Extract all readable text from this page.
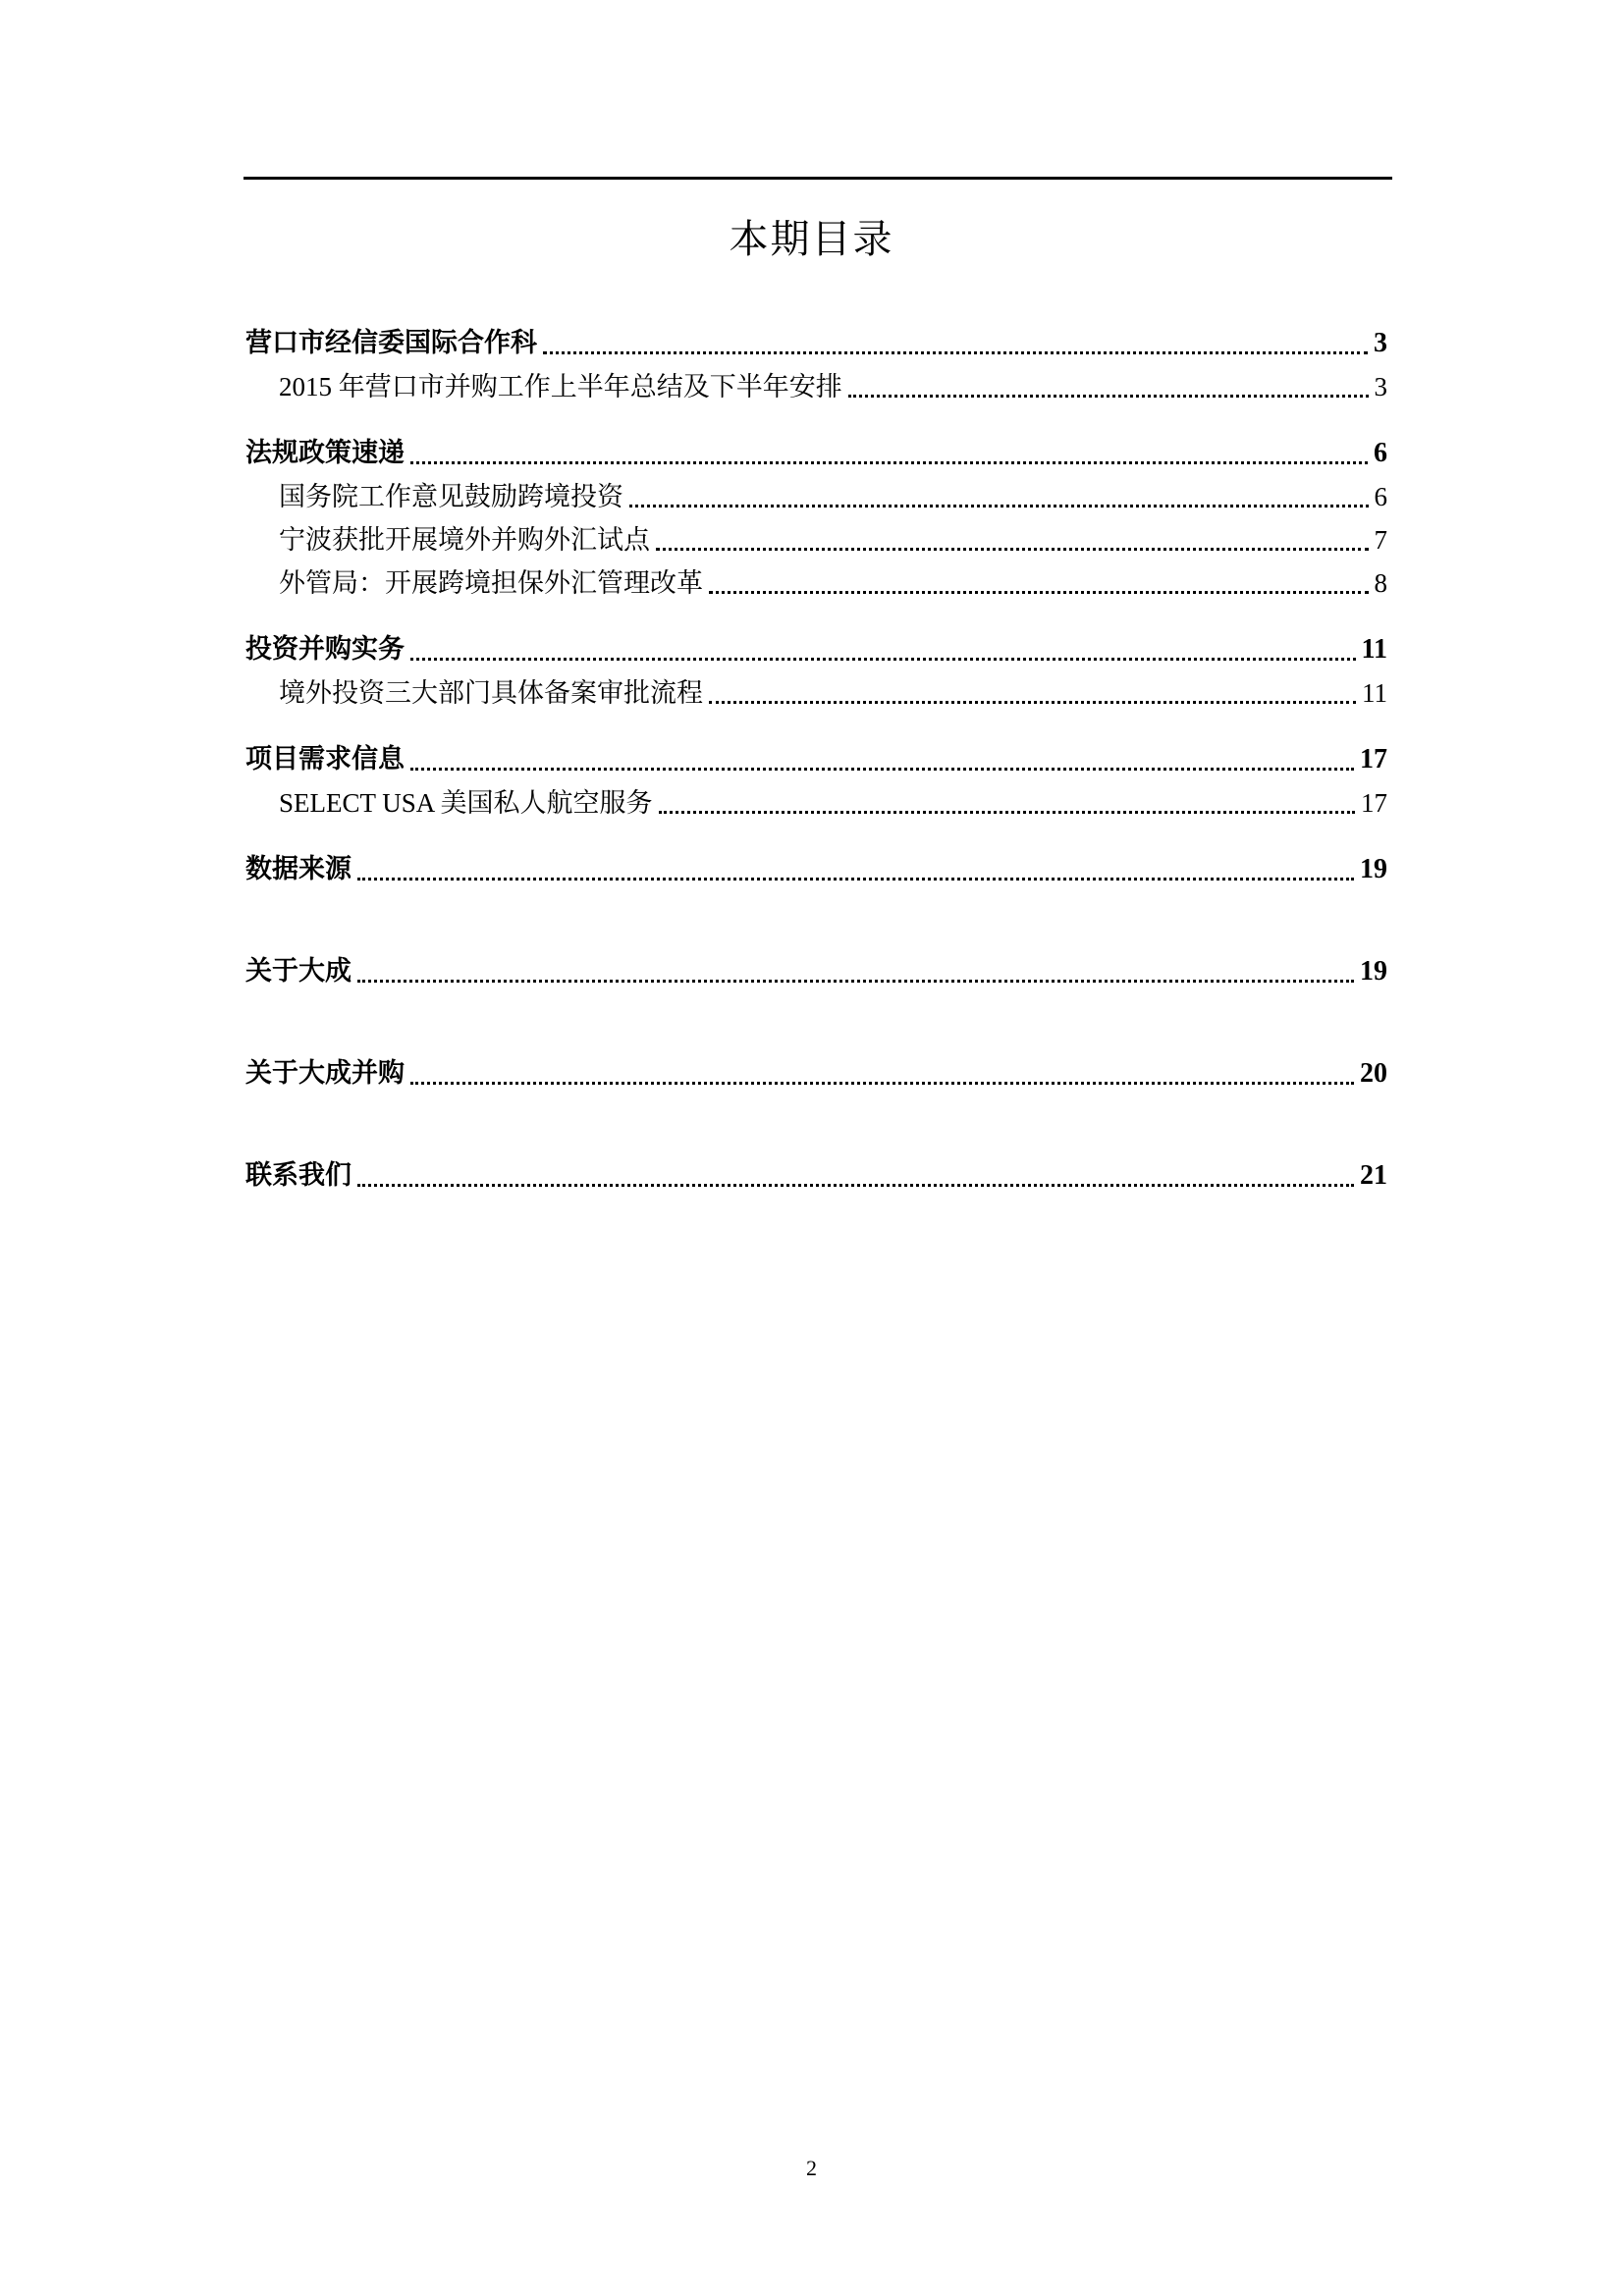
本期目录
营口市经信委国际合作科	3
2015 年营口市并购工作上半年总结及下半年安排	3
法规政策速递	6
国务院工作意见鼓励跨境投资	6
宁波获批开展境外并购外汇试点	7
外管局：开展跨境担保外汇管理改革	8
投资并购实务	11
境外投资三大部门具体备案审批流程	11
项目需求信息	17
SELECT USA 美国私人航空服务	17
数据来源	19
关于大成	19
关于大成并购	20
联系我们	21
2
